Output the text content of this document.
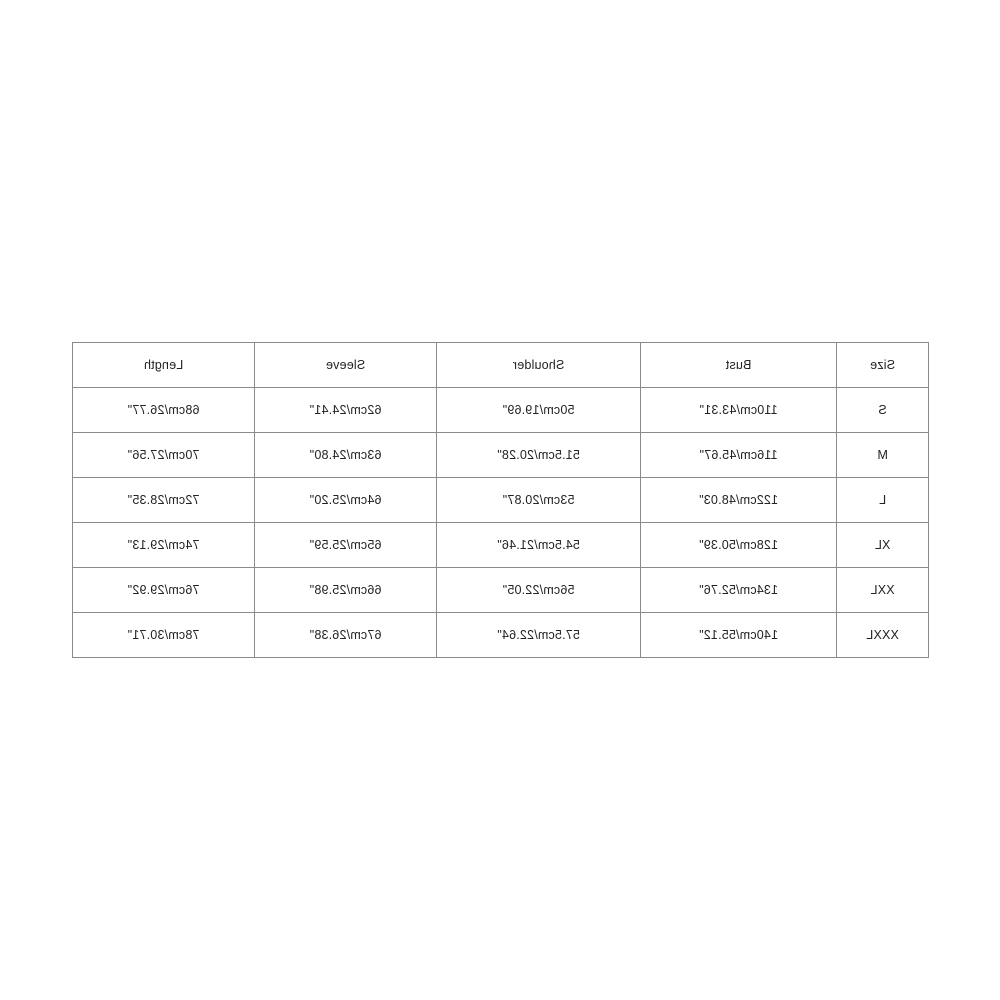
Size	Bust	Shoulder	Sleeve	Length
S	110cm/43.31"	50cm/19.69"	62cm/24.41"	68cm/26.77"
M	116cm/45.67"	51.5cm/20.28"	63cm/24.80"	70cm/27.56"
L	122cm/48.03"	53cm/20.87"	64cm/25.20"	72cm/28.35"
XL	128cm/50.39"	54.5cm/21.46"	65cm/25.59"	74cm/29.13"
XXL	134cm/52.76"	56cm/22.05"	66cm/25.98"	76cm/29.92"
XXXL	140cm/55.12"	57.5cm/22.64"	67cm/26.38"	78cm/30.71"
